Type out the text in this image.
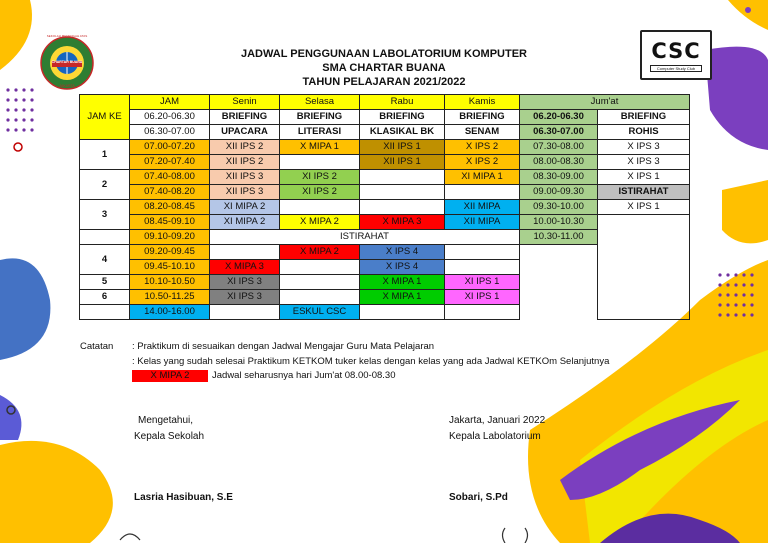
SEKOLAH MENENGAH ATAS
CHARTAR BUANA
JAKARTA
CSC
Computer Study Club
JADWAL PENGGUNAAN LABOLATORIUM KOMPUTER
SMA CHARTAR BUANA
TAHUN PELAJARAN 2021/2022
JAM KE	JAM	Senin	Selasa	Rabu	Kamis	Jum'at	
	06.20-06.30	BRIEFING	BRIEFING	BRIEFING	BRIEFING	06.20-06.30	BRIEFING
	06.30-07.00	UPACARA	LITERASI	KLASIKAL BK	SENAM	06.30-07.00	ROHIS
1	07.00-07.20	XII IPS 2	X MIPA 1	XII IPS 1	X IPS 2	07.30-08.00	X IPS 3
	07.20-07.40	XII IPS 2		XII IPS 1	X IPS 2	08.00-08.30	X IPS 3
2	07.40-08.00	XII IPS 3	XI IPS 2		XI MIPA 1	08.30-09.00	X IPS 1
	07.40-08.20	XII IPS 3	XI IPS 2			09.00-09.30	ISTIRAHAT
3	08.20-08.45	XI MIPA 2			XII MIPA	09.30-10.00	X IPS 1
	08.45-09.10	XI MIPA 2	X MIPA 2	X MIPA 3	XII MIPA	10.00-10.30	
	09.10-09.20	ISTIRAHAT				10.30-11.00	
4	09.20-09.45		X MIPA 2	X IPS 4			
	09.45-10.10	X MIPA 3		X IPS 4			
5	10.10-10.50	XI IPS 3		X MIPA 1	XI IPS 1		
6	10.50-11.25	XI IPS 3		X MIPA 1	XI IPS 1		
	14.00-16.00		ESKUL CSC				
Catatan : Praktikum di sesuaikan dengan Jadwal Mengajar Guru Mata Pelajaran
: Kelas yang sudah selesai Praktikum KETKOM tuker kelas dengan kelas yang ada Jadwal KETKOm Selanjutnya
X MIPA 2	Jadwal seharusnya hari Jum'at 08.00-08.30
Mengetahui,
Kepala Sekolah
Lasria Hasibuan, S.E
Jakarta, Januari 2022
Kepala Labolatorium
Sobari, S.Pd
